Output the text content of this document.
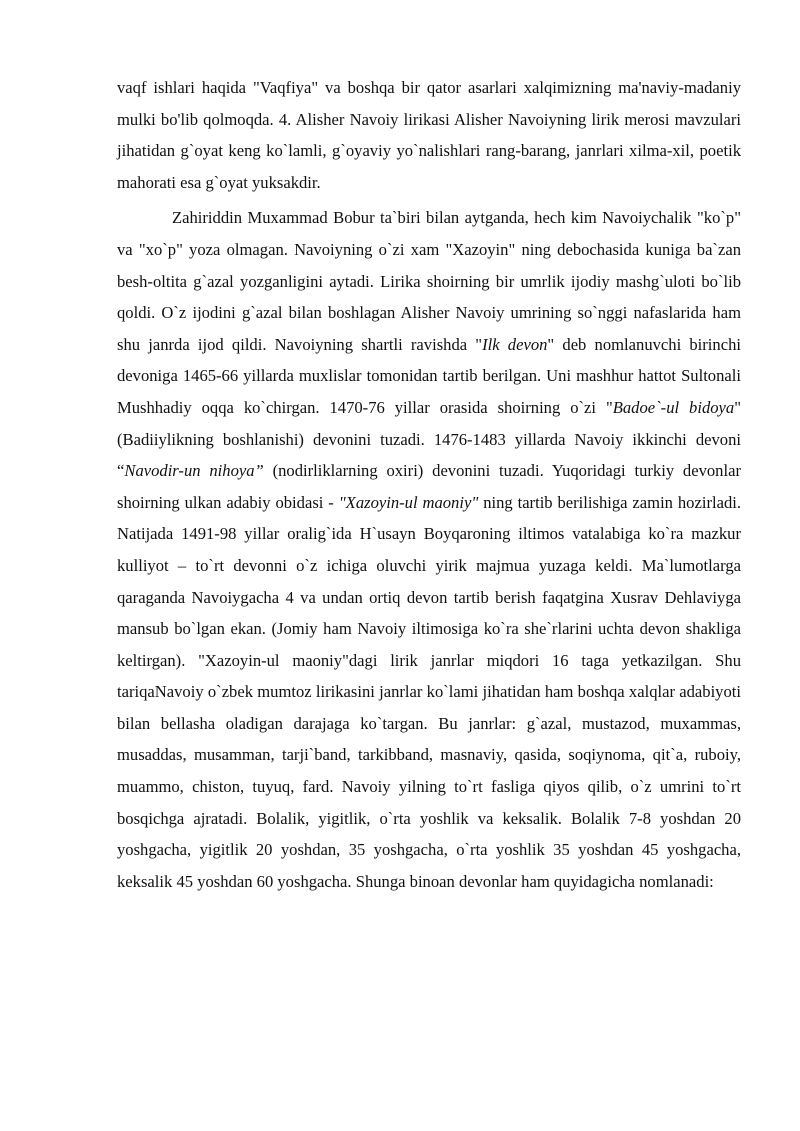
vaqf ishlari haqida "Vaqfiya" va boshqa bir qator asarlari xalqimizning ma'naviy-madaniy mulki bo'lib qolmoqda. 4. Alisher Navoiy lirikasi Alisher Navoiyning lirik merosi mavzulari jihatidan g`oyat keng ko`lamli, g`oyaviy yo`nalishlari rang-barang, janrlari xilma-xil, poetik mahorati esa g`oyat yuksakdir.

Zahiriddin Muxammad Bobur ta`biri bilan aytganda, hech kim Navoiychalik "ko`p" va "xo`p" yoza olmagan. Navoiyning o`zi xam "Xazoyin" ning debochasida kuniga ba`zan besh-oltita g`azal yozganligini aytadi. Lirika shoirning bir umrlik ijodiy mashg`uloti bo`lib qoldi. O`z ijodini g`azal bilan boshlagan Alisher Navoiy umrining so`nggi nafaslarida ham shu janrda ijod qildi. Navoiyning shartli ravishda "Ilk devon" deb nomlanuvchi birinchi devoniga 1465-66 yillarda muxlislar tomonidan tartib berilgan. Uni mashhur hattot Sultonali Mushhadiy oqqa ko`chirgan. 1470-76 yillar orasida shoirning o`zi "Badoe`-ul bidoya" (Badiiylikning boshlanishi) devonini tuzadi. 1476-1483 yillarda Navoiy ikkinchi devoni “Navodir-un nihoya” (nodirliklarning oxiri) devonini tuzadi. Yuqoridagi turkiy devonlar shoirning ulkan adabiy obidasi - "Xazoyin-ul maoniy" ning tartib berilishiga zamin hozirladi. Natijada 1491-98 yillar oralig`ida H`usayn Boyqaroning iltimos vatalabiga ko`ra mazkur kulliyot – to`rt devonni o`z ichiga oluvchi yirik majmua yuzaga keldi. Ma`lumotlarga qaraganda Navoiygacha 4 va undan ortiq devon tartib berish faqatgina Xusrav Dehlaviyga mansub bo`lgan ekan. (Jomiy ham Navoiy iltimosiga ko`ra she`rlarini uchta devon shakliga keltirgan). "Xazoyin-ul maoniy"dagi lirik janrlar miqdori 16 taga yetkazilgan. Shu tariqaNavoiy o`zbek mumtoz lirikasini janrlar ko`lami jihatidan ham boshqa xalqlar adabiyoti bilan bellasha oladigan darajaga ko`targan. Bu janrlar: g`azal, mustazod, muxammas, musaddas, musamman, tarji`band, tarkibband, masnaviy, qasida, soqiynoma, qit`a, ruboiy, muammo, chiston, tuyuq, fard. Navoiy yilning to`rt fasliga qiyos qilib, o`z umrini to`rt bosqichga ajratadi. Bolalik, yigitlik, o`rta yoshlik va keksalik. Bolalik 7-8 yoshdan 20 yoshgacha, yigitlik 20 yoshdan, 35 yoshgacha, o`rta yoshlik 35 yoshdan 45 yoshgacha, keksalik 45 yoshdan 60 yoshgacha. Shunga binoan devonlar ham quyidagicha nomlanadi:
